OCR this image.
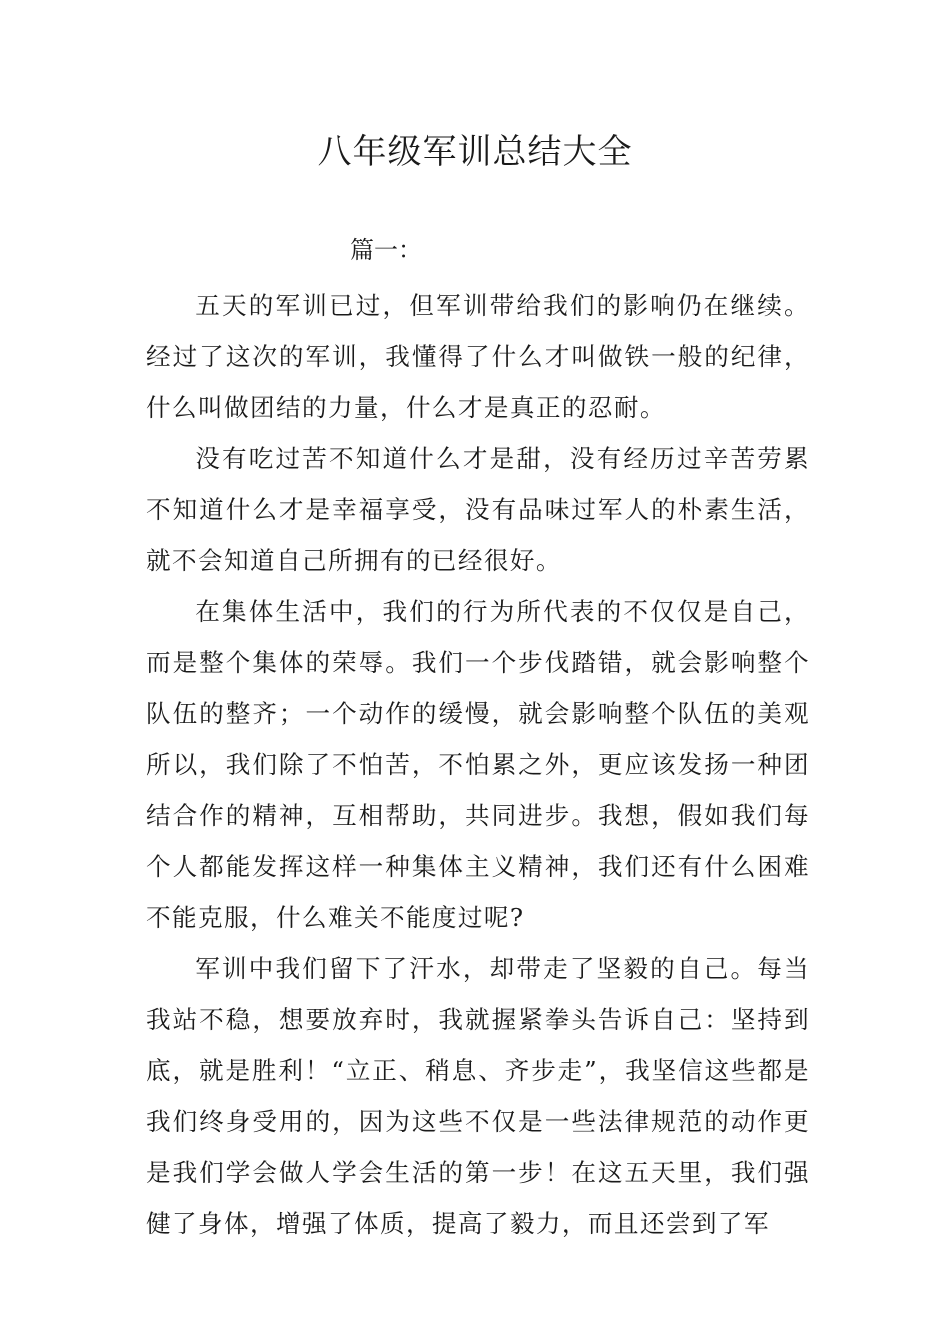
八年级军训总结大全

篇一：

五天的军训已过，但军训带给我们的影响仍在继续。经过了这次的军训，我懂得了什么才叫做铁一般的纪律，什么叫做团结的力量，什么才是真正的忍耐。

没有吃过苦不知道什么才是甜，没有经历过辛苦劳累不知道什么才是幸福享受，没有品味过军人的朴素生活，就不会知道自己所拥有的已经很好。

在集体生活中，我们的行为所代表的不仅仅是自己，而是整个集体的荣辱。我们一个步伐踏错，就会影响整个队伍的整齐；一个动作的缓慢，就会影响整个队伍的美观所以，我们除了不怕苦，不怕累之外，更应该发扬一种团结合作的精神，互相帮助，共同进步。我想，假如我们每个人都能发挥这样一种集体主义精神，我们还有什么困难不能克服，什么难关不能度过呢?

军训中我们留下了汗水，却带走了坚毅的自己。每当我站不稳，想要放弃时，我就握紧拳头告诉自己：坚持到底，就是胜利！“立正、稍息、齐步走”，我坚信这些都是我们终身受用的，因为这些不仅是一些法律规范的动作更是我们学会做人学会生活的第一步！在这五天里，我们强健了身体，增强了体质，提高了毅力，而且还尝到了军
